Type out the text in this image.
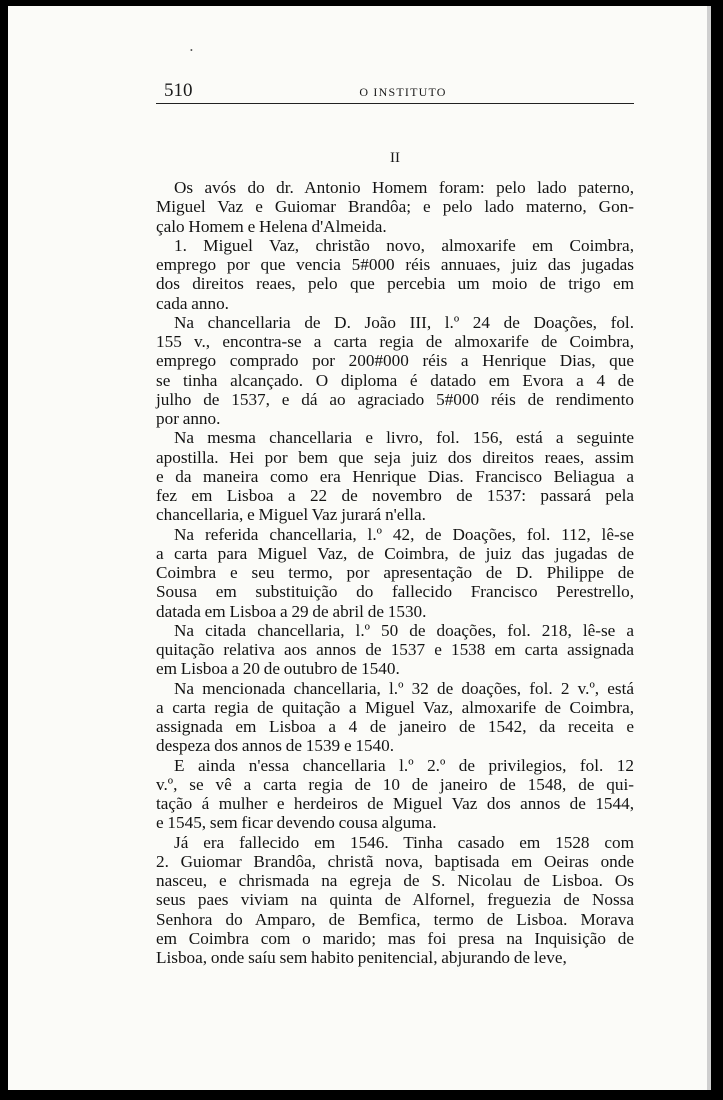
•
510	O INSTITUTO
II
Os avós do dr. Antonio Homem foram: pelo lado paterno,
Miguel Vaz e Guiomar Brandôa; e pelo lado materno, Gon-
çalo Homem e Helena d'Almeida.
1. Miguel Vaz, christão novo, almoxarife em Coimbra,
emprego por que vencia 5#000 réis annuaes, juiz das jugadas
dos direitos reaes, pelo que percebia um moio de trigo em
cada anno.
Na chancellaria de D. João III, l.º 24 de Doações, fol.
155 v., encontra-se a carta regia de almoxarife de Coimbra,
emprego comprado por 200#000 réis a Henrique Dias, que
se tinha alcançado. O diploma é datado em Evora a 4 de
julho de 1537, e dá ao agraciado 5#000 réis de rendimento
por anno.
Na mesma chancellaria e livro, fol. 156, está a seguinte
apostilla. Hei por bem que seja juiz dos direitos reaes, assim
e da maneira como era Henrique Dias. Francisco Beliagua a
fez em Lisboa a 22 de novembro de 1537: passará pela
chancellaria, e Miguel Vaz jurará n'ella.
Na referida chancellaria, l.º 42, de Doações, fol. 112, lê-se
a carta para Miguel Vaz, de Coimbra, de juiz das jugadas de
Coimbra e seu termo, por apresentação de D. Philippe de
Sousa em substituição do fallecido Francisco Perestrello,
datada em Lisboa a 29 de abril de 1530.
Na citada chancellaria, l.º 50 de doações, fol. 218, lê-se a
quitação relativa aos annos de 1537 e 1538 em carta assignada
em Lisboa a 20 de outubro de 1540.
Na mencionada chancellaria, l.º 32 de doações, fol. 2 v.º, está
a carta regia de quitação a Miguel Vaz, almoxarife de Coimbra,
assignada em Lisboa a 4 de janeiro de 1542, da receita e
despeza dos annos de 1539 e 1540.
E ainda n'essa chancellaria l.º 2.º de privilegios, fol. 12
v.º, se vê a carta regia de 10 de janeiro de 1548, de qui-
tação á mulher e herdeiros de Miguel Vaz dos annos de 1544,
e 1545, sem ficar devendo cousa alguma.
Já era fallecido em 1546. Tinha casado em 1528 com
2. Guiomar Brandôa, christã nova, baptisada em Oeiras onde
nasceu, e chrismada na egreja de S. Nicolau de Lisboa. Os
seus paes viviam na quinta de Alfornel, freguezia de Nossa
Senhora do Amparo, de Bemfica, termo de Lisboa. Morava
em Coimbra com o marido; mas foi presa na Inquisição de
Lisboa, onde saíu sem habito penitencial, abjurando de leve,
